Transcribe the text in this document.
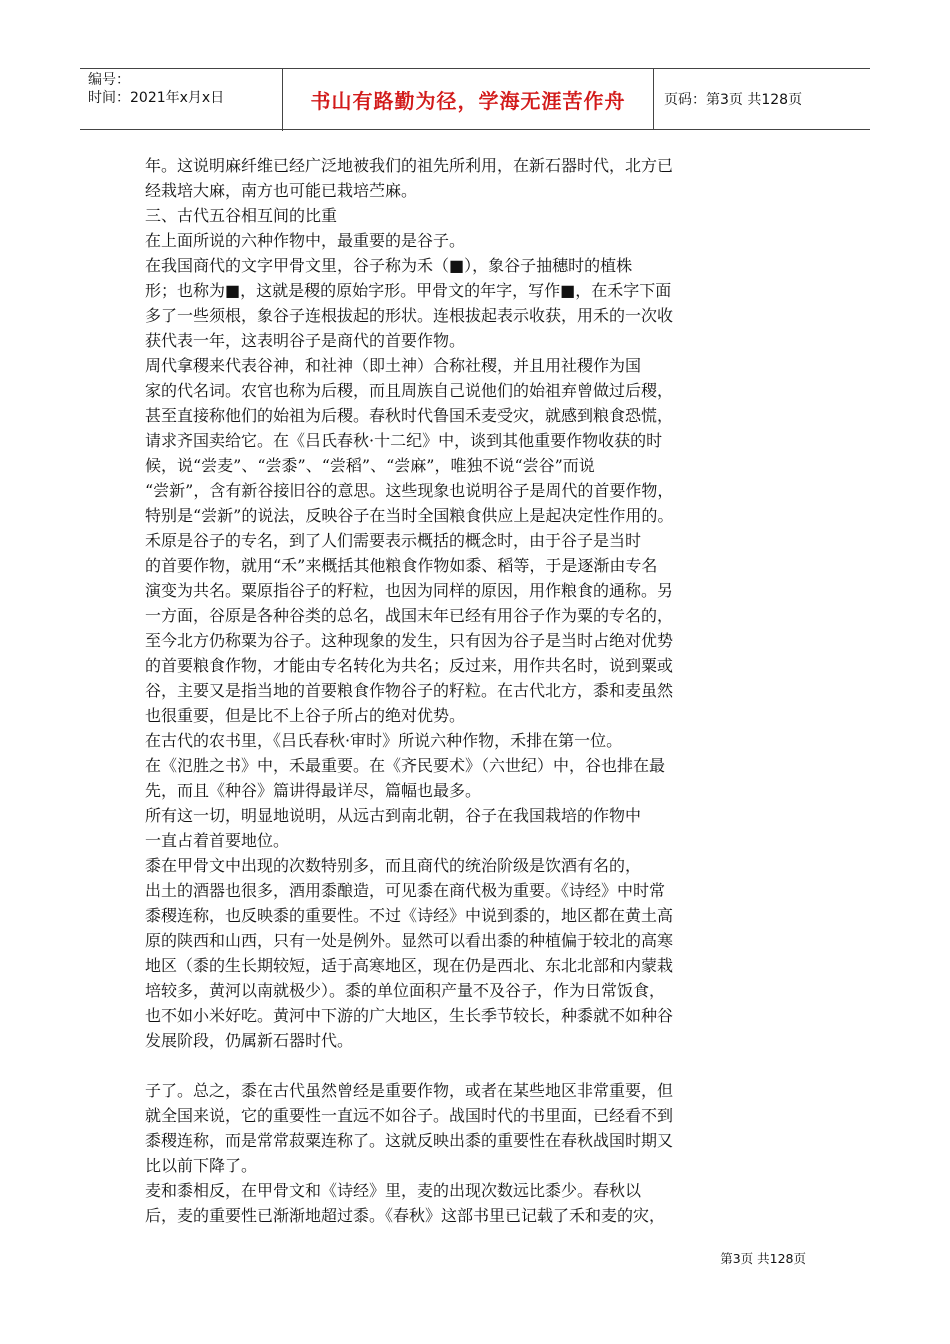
编号：
时间：2021年x月x日	书山有路勤为径，学海无涯苦作舟	页码：第3页 共128页
年。这说明麻纤维已经广泛地被我们的祖先所利用，在新石器时代，北方已
经栽培大麻，南方也可能已栽培苎麻。
三、古代五谷相互间的比重
在上面所说的六种作物中，最重要的是谷子。
在我国商代的文字甲骨文里，谷子称为禾（■），象谷子抽穗时的植株
形；也称为■，这就是稷的原始字形。甲骨文的年字，写作■，在禾字下面
多了一些须根，象谷子连根拔起的形状。连根拔起表示收获，用禾的一次收
获代表一年，这表明谷子是商代的首要作物。
周代拿稷来代表谷神，和社神（即土神）合称社稷，并且用社稷作为国
家的代名词。农官也称为后稷，而且周族自己说他们的始祖弃曾做过后稷，
甚至直接称他们的始祖为后稷。春秋时代鲁国禾麦受灾，就感到粮食恐慌，
请求齐国卖给它。在《吕氏春秋·十二纪》中，谈到其他重要作物收获的时
候，说“尝麦”、“尝黍”、“尝稻”、“尝麻”，唯独不说“尝谷”而说
“尝新”，含有新谷接旧谷的意思。这些现象也说明谷子是周代的首要作物，
特别是“尝新”的说法，反映谷子在当时全国粮食供应上是起决定性作用的。
禾原是谷子的专名，到了人们需要表示概括的概念时，由于谷子是当时
的首要作物，就用“禾”来概括其他粮食作物如黍、稻等，于是逐渐由专名
演变为共名。粟原指谷子的籽粒，也因为同样的原因，用作粮食的通称。另
一方面，谷原是各种谷类的总名，战国末年已经有用谷子作为粟的专名的，
至今北方仍称粟为谷子。这种现象的发生，只有因为谷子是当时占绝对优势
的首要粮食作物，才能由专名转化为共名；反过来，用作共名时，说到粟或
谷，主要又是指当地的首要粮食作物谷子的籽粒。在古代北方，黍和麦虽然
也很重要，但是比不上谷子所占的绝对优势。
在古代的农书里，《吕氏春秋·审时》所说六种作物，禾排在第一位。
在《氾胜之书》中，禾最重要。在《齐民要术》（六世纪）中，谷也排在最
先，而且《种谷》篇讲得最详尽，篇幅也最多。
所有这一切，明显地说明，从远古到南北朝，谷子在我国栽培的作物中
一直占着首要地位。
黍在甲骨文中出现的次数特别多，而且商代的统治阶级是饮酒有名的，
出土的酒器也很多，酒用黍酿造，可见黍在商代极为重要。《诗经》中时常
黍稷连称，也反映黍的重要性。不过《诗经》中说到黍的，地区都在黄土高
原的陕西和山西，只有一处是例外。显然可以看出黍的种植偏于较北的高寒
地区（黍的生长期较短，适于高寒地区，现在仍是西北、东北北部和内蒙栽
培较多，黄河以南就极少）。黍的单位面积产量不及谷子，作为日常饭食，
也不如小米好吃。黄河中下游的广大地区，生长季节较长，种黍就不如种谷
发展阶段，仍属新石器时代。
子了。总之，黍在古代虽然曾经是重要作物，或者在某些地区非常重要，但
就全国来说，它的重要性一直远不如谷子。战国时代的书里面，已经看不到
黍稷连称，而是常常菽粟连称了。这就反映出黍的重要性在春秋战国时期又
比以前下降了。
麦和黍相反，在甲骨文和《诗经》里，麦的出现次数远比黍少。春秋以
后，麦的重要性已渐渐地超过黍。《春秋》这部书里已记载了禾和麦的灾，
第3页 共128页
